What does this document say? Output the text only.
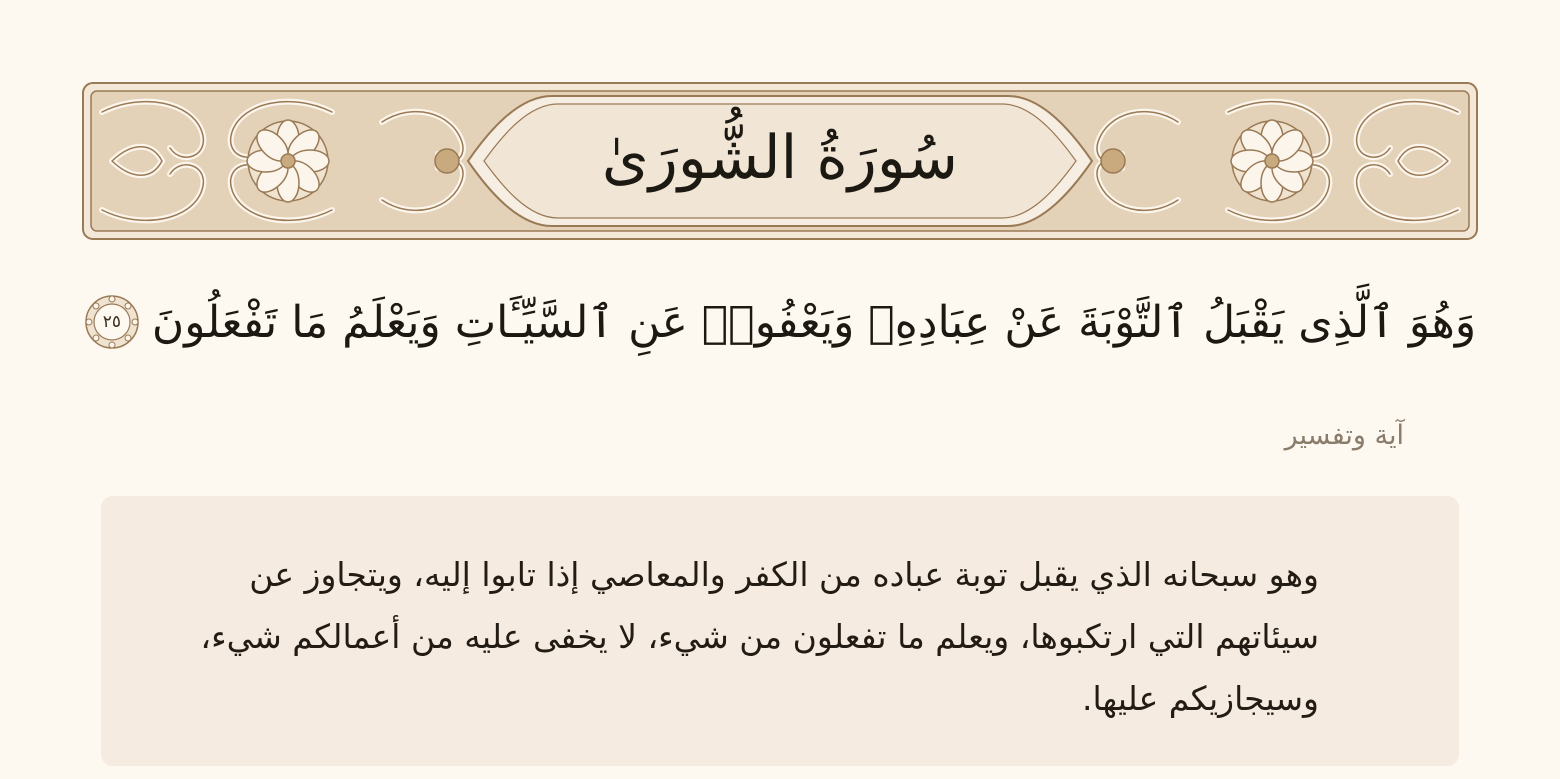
سُورَةُ الشُّورَىٰ
وَهُوَ ٱلَّذِى يَقْبَلُ ٱلتَّوْبَةَ عَنْ عِبَادِهِۦ وَيَعْفُوا۟ عَنِ ٱلسَّيِّـَٔاتِ وَيَعْلَمُ مَا تَفْعَلُونَ
٢٥
آية وتفسير

وهو سبحانه الذي يقبل توبة عباده من الكفر والمعاصي إذا تابوا إليه، ويتجاوز عن سيئاتهم التي ارتكبوها، ويعلم ما تفعلون من شيء، لا يخفى عليه من أعمالكم شيء، وسيجازيكم عليها.
